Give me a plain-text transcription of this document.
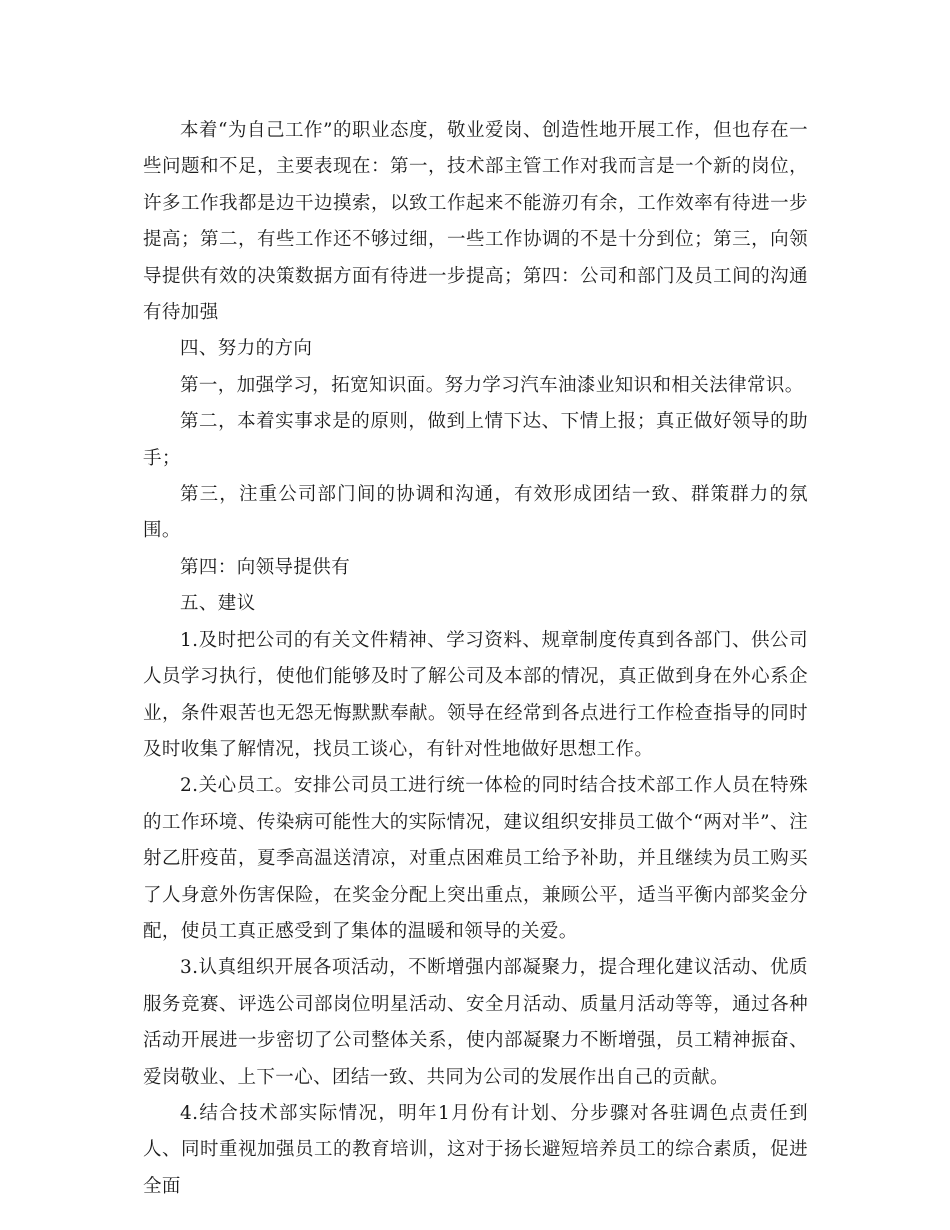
本着“为自己工作”的职业态度，敬业爱岗、创造性地开展工作，但也存在一些问题和不足，主要表现在：第一，技术部主管工作对我而言是一个新的岗位，许多工作我都是边干边摸索，以致工作起来不能游刃有余，工作效率有待进一步提高；第二，有些工作还不够过细，一些工作协调的不是十分到位；第三，向领导提供有效的决策数据方面有待进一步提高；第四：公司和部门及员工间的沟通有待加强

四、努力的方向

第一，加强学习，拓宽知识面。努力学习汽车油漆业知识和相关法律常识。

第二，本着实事求是的原则，做到上情下达、下情上报；真正做好领导的助手；

第三，注重公司部门间的协调和沟通，有效形成团结一致、群策群力的氛围。

第四：向领导提供有

五、建议

1.及时把公司的有关文件精神、学习资料、规章制度传真到各部门、供公司人员学习执行，使他们能够及时了解公司及本部的情况，真正做到身在外心系企业，条件艰苦也无怨无悔默默奉献。领导在经常到各点进行工作检查指导的同时及时收集了解情况，找员工谈心，有针对性地做好思想工作。

2.关心员工。安排公司员工进行统一体检的同时结合技术部工作人员在特殊的工作环境、传染病可能性大的实际情况，建议组织安排员工做个“两对半”、注射乙肝疫苗，夏季高温送清凉，对重点困难员工给予补助，并且继续为员工购买了人身意外伤害保险，在奖金分配上突出重点，兼顾公平，适当平衡内部奖金分配，使员工真正感受到了集体的温暖和领导的关爱。

3.认真组织开展各项活动，不断增强内部凝聚力，提合理化建议活动、优质服务竞赛、评选公司部岗位明星活动、安全月活动、质量月活动等等，通过各种活动开展进一步密切了公司整体关系，使内部凝聚力不断增强，员工精神振奋、爱岗敬业、上下一心、团结一致、共同为公司的发展作出自己的贡献。

4.结合技术部实际情况，明年1月份有计划、分步骤对各驻调色点责任到人、同时重视加强员工的教育培训，这对于扬长避短培养员工的综合素质，促进全面
